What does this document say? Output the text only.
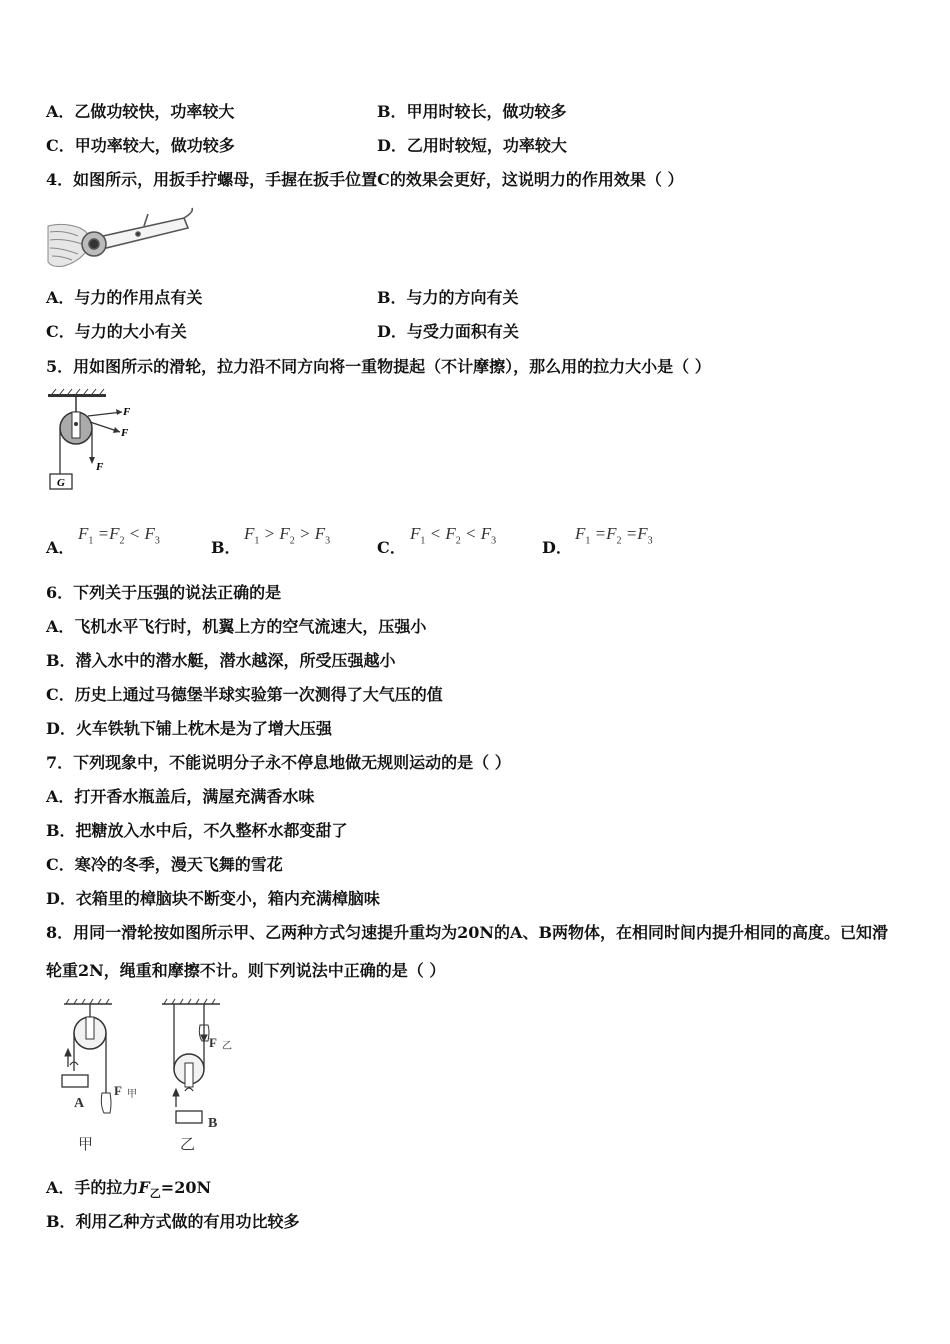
A．乙做功较快，功率较大	B．甲用时较长，做功较多
C．甲功率较大，做功较多	D．乙用时较短，功率较大
4．如图所示，用扳手拧螺母，手握在扳手位置C的效果会更好，这说明力的作用效果（ ）
A．与力的作用点有关	B．与力的方向有关
C．与力的大小有关	D．与受力面积有关
5．用如图所示的滑轮，拉力沿不同方向将一重物提起（不计摩擦），那么用的拉力大小是（ ）
F
F
F
G
A．
$F_1 =F_2 < F_3$	B．
$F_1 > F_2 > F_3$	C．
$F_1 < F_2 < F_3$	D．
$F_1 =F_2 =F_3$
6．下列关于压强的说法正确的是
A．飞机水平飞行时，机翼上方的空气流速大，压强小
B．潜入水中的潜水艇，潜水越深，所受压强越小
C．历史上通过马德堡半球实验第一次测得了大气压的值
D．火车铁轨下铺上枕木是为了增大压强
7．下列现象中，不能说明分子永不停息地做无规则运动的是（ ）
A．打开香水瓶盖后，满屋充满香水味
B．把糖放入水中后，不久整杯水都变甜了
C．寒冷的冬季，漫天飞舞的雪花
D．衣箱里的樟脑块不断变小，箱内充满樟脑味
8．用同一滑轮按如图所示甲、乙两种方式匀速提升重均为20N的A、B两物体，在相同时间内提升相同的高度。已知滑
轮重2N，绳重和摩擦不计。则下列说法中正确的是（ ）
A
F 甲
甲
B
F 乙
乙
A．手的拉力$F_乙=20N$
B．利用乙种方式做的有用功比较多
